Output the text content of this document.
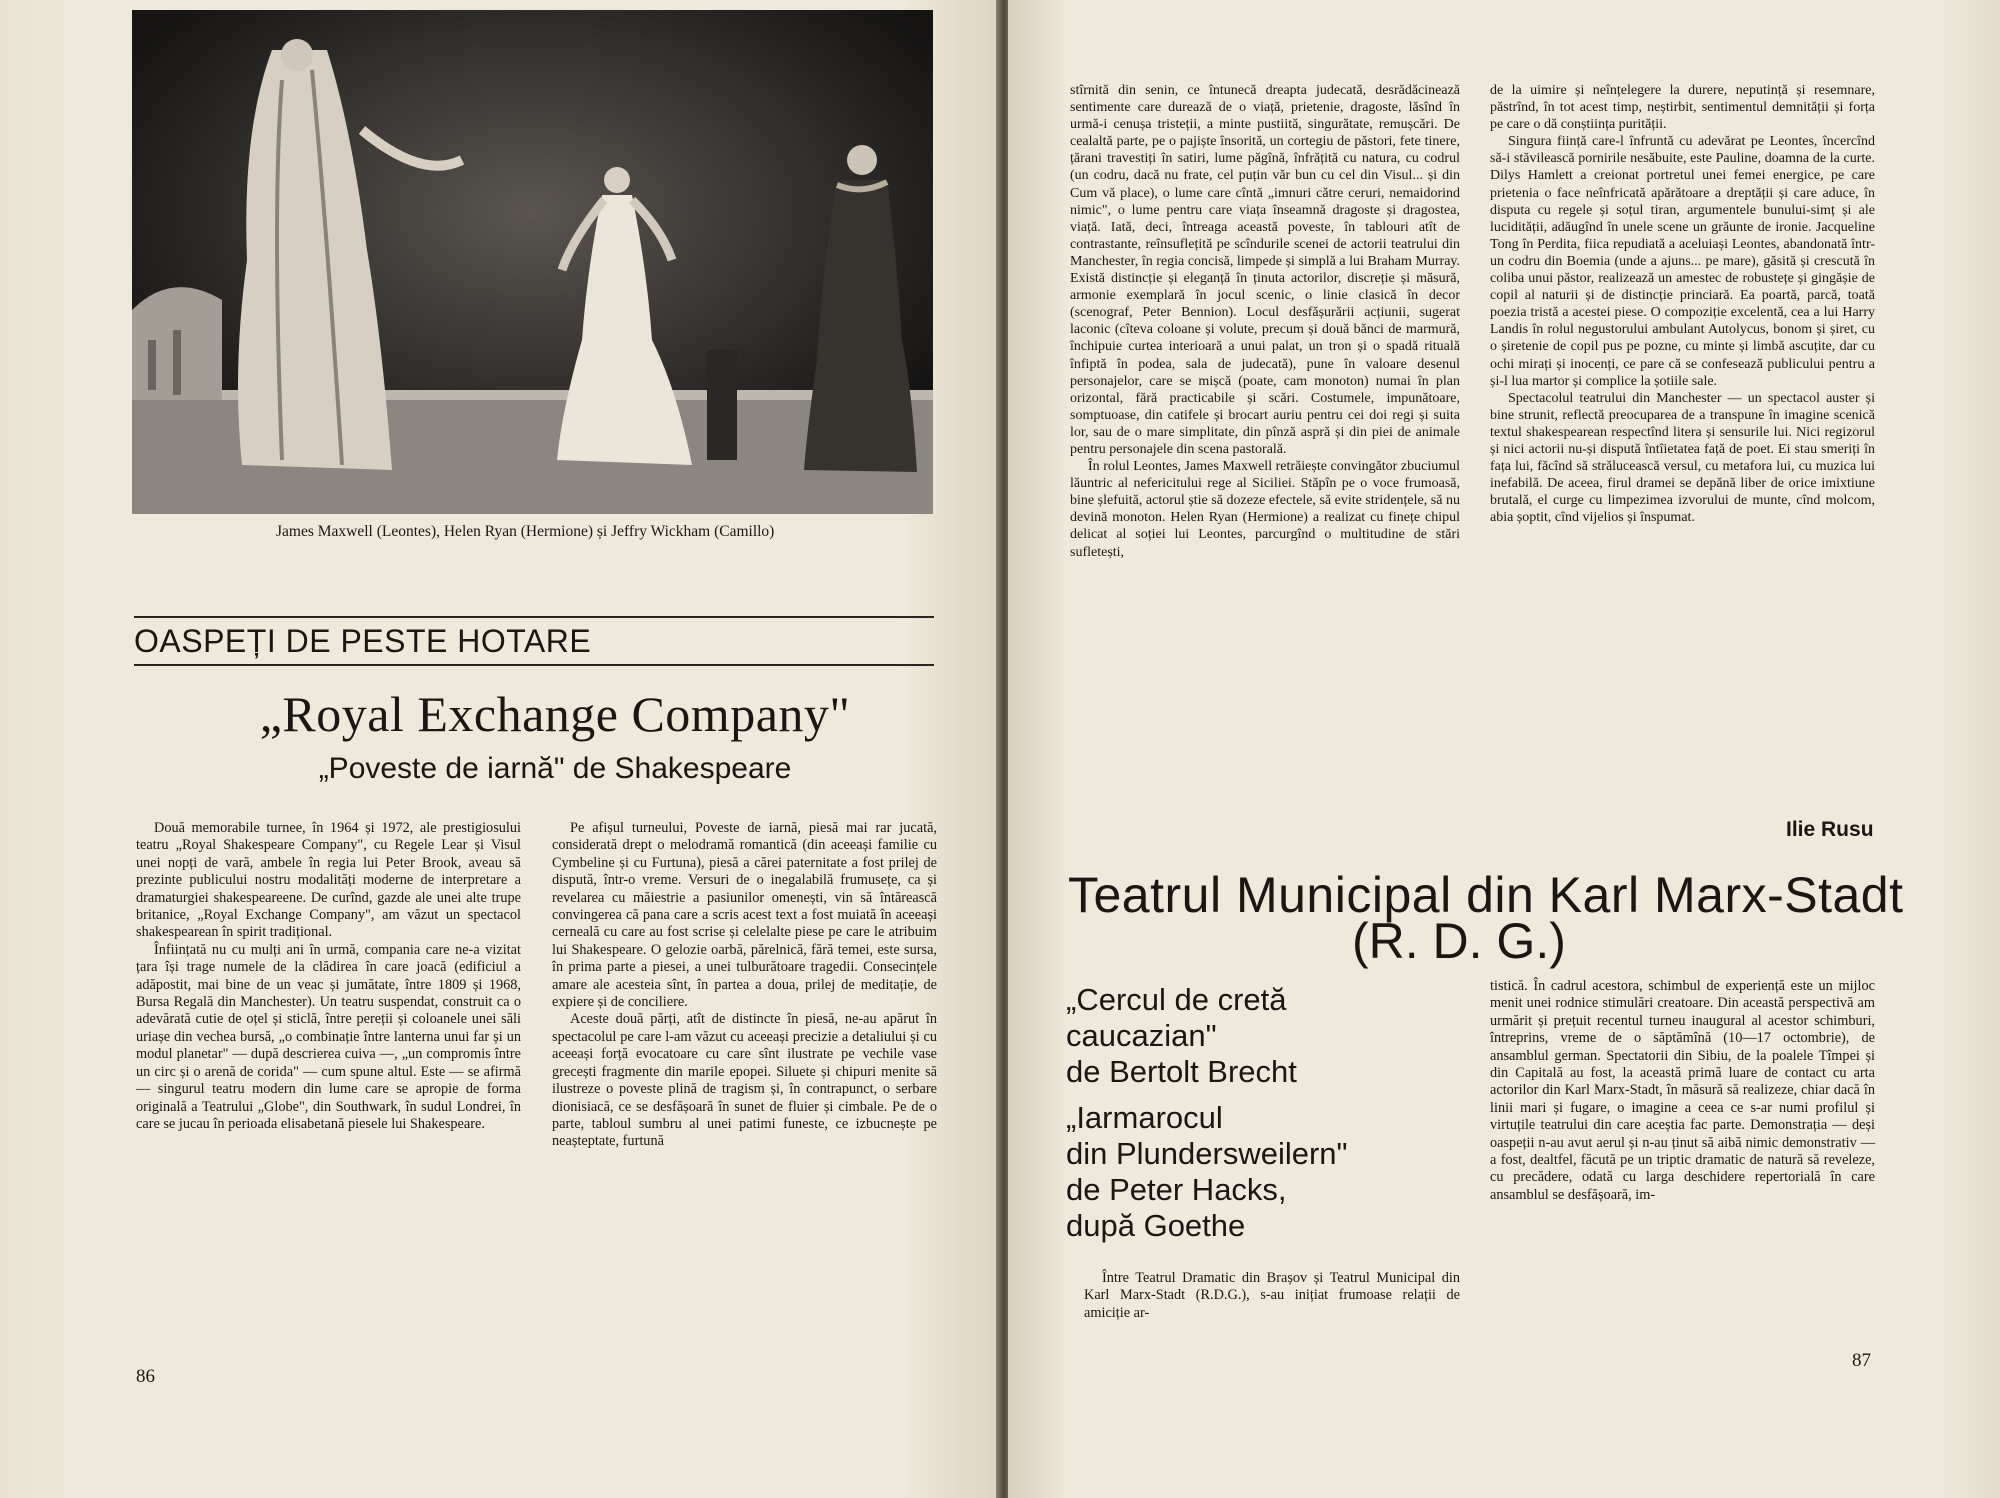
James Maxwell (Leontes), Helen Ryan (Hermione) și Jeffry Wickham (Camillo)
OASPEȚI DE PESTE HOTARE
„Royal Exchange Company"
„Poveste de iarnă" de Shakespeare

Două memorabile turnee, în 1964 și 1972, ale prestigiosului teatru „Royal Shakespeare Company", cu Regele Lear și Visul unei nopți de vară, ambele în regia lui Peter Brook, aveau să prezinte publicului nostru modalități moderne de interpretare a dramaturgiei shakespeareene. De curînd, gazde ale unei alte trupe britanice, „Royal Exchange Company", am văzut un spectacol shakespearean în spirit tradițional.

Înființată nu cu mulți ani în urmă, compania care ne-a vizitat țara își trage numele de la clădirea în care joacă (edificiul a adăpostit, mai bine de un veac și jumătate, între 1809 și 1968, Bursa Regală din Manchester). Un teatru suspendat, construit ca o adevărată cutie de oțel și sticlă, între pereții și coloanele unei săli uriașe din vechea bursă, „o combinație între lanterna unui far și un modul planetar" — după descrierea cuiva —, „un compromis între un circ și o arenă de corida" — cum spune altul. Este — se afirmă — singurul teatru modern din lume care se apropie de forma originală a Teatrului „Globe", din Southwark, în sudul Londrei, în care se jucau în perioada elisabetană piesele lui Shakespeare.

Pe afișul turneului, Poveste de iarnă, piesă mai rar jucată, considerată drept o melodramă romantică (din aceeași familie cu Cymbeline și cu Furtuna), piesă a cărei paternitate a fost prilej de dispută, într-o vreme. Versuri de o inegalabilă frumusețe, ca și revelarea cu măiestrie a pasiunilor omenești, vin să întărească convingerea că pana care a scris acest text a fost muiată în aceeași cerneală cu care au fost scrise și celelalte piese pe care le atribuim lui Shakespeare. O gelozie oarbă, părelnică, fără temei, este sursa, în prima parte a piesei, a unei tulburătoare tragedii. Consecințele amare ale acesteia sînt, în partea a doua, prilej de meditație, de expiere și de conciliere.

Aceste două părți, atît de distincte în piesă, ne-au apărut în spectacolul pe care l-am văzut cu aceeași precizie a detaliului și cu aceeași forță evocatoare cu care sînt ilustrate pe vechile vase grecești fragmente din marile epopei. Siluete și chipuri menite să ilustreze o poveste plină de tragism și, în contrapunct, o serbare dionisiacă, ce se desfășoară în sunet de fluier și cimbale. Pe de o parte, tabloul sumbru al unei patimi funeste, ce izbucnește pe neașteptate, furtună

86

stîrnită din senin, ce întunecă dreapta judecată, desrădăcinează sentimente care durează de o viață, prietenie, dragoste, lăsînd în urmă-i cenușa tristeții, a minte pustiită, singurătate, remușcări. De cealaltă parte, pe o pajiște însorită, un cortegiu de păstori, fete tinere, țărani travestiți în satiri, lume păgînă, înfrățită cu natura, cu codrul (un codru, dacă nu frate, cel puțin văr bun cu cel din Visul... și din Cum vă place), o lume care cîntă „imnuri către ceruri, nemaidorind nimic", o lume pentru care viața înseamnă dragoste și dragostea, viață. Iată, deci, întreaga această poveste, în tablouri atît de contrastante, reînsuflețită pe scîndurile scenei de actorii teatrului din Manchester, în regia concisă, limpede și simplă a lui Braham Murray. Există distincție și eleganță în ținuta actorilor, discreție și măsură, armonie exemplară în jocul scenic, o linie clasică în decor (scenograf, Peter Bennion). Locul desfășurării acțiunii, sugerat laconic (cîteva coloane și volute, precum și două bănci de marmură, închipuie curtea interioară a unui palat, un tron și o spadă rituală înfiptă în podea, sala de judecată), pune în valoare desenul personajelor, care se mișcă (poate, cam monoton) numai în plan orizontal, fără practicabile și scări. Costumele, impunătoare, somptuoase, din catifele și brocart auriu pentru cei doi regi și suita lor, sau de o mare simplitate, din pînză aspră și din piei de animale pentru personajele din scena pastorală.

În rolul Leontes, James Maxwell retrăiește convingător zbuciumul lăuntric al nefericitului rege al Siciliei. Stăpîn pe o voce frumoasă, bine șlefuită, actorul știe să dozeze efectele, să evite stridențele, să nu devină monoton. Helen Ryan (Hermione) a realizat cu finețe chipul delicat al soției lui Leontes, parcurgînd o multitudine de stări sufletești,

de la uimire și neînțelegere la durere, neputință și resemnare, păstrînd, în tot acest timp, neștirbit, sentimentul demnității și forța pe care o dă conștiința purității.

Singura ființă care-l înfruntă cu adevărat pe Leontes, încercînd să-i stăvilească pornirile nesăbuite, este Pauline, doamna de la curte. Dilys Hamlett a creionat portretul unei femei energice, pe care prietenia o face neînfricată apărătoare a dreptății și care aduce, în disputa cu regele și soțul tiran, argumentele bunului-simț și ale lucidității, adăugînd în unele scene un grăunte de ironie. Jacqueline Tong în Perdita, fiica repudiată a aceluiași Leontes, abandonată într-un codru din Boemia (unde a ajuns... pe mare), găsită și crescută în coliba unui păstor, realizează un amestec de robustețe și gingășie de copil al naturii și de distincție princiară. Ea poartă, parcă, toată poezia tristă a acestei piese. O compoziție excelentă, cea a lui Harry Landis în rolul negustorului ambulant Autolycus, bonom și șiret, cu o șiretenie de copil pus pe pozne, cu minte și limbă ascuțite, dar cu ochi mirați și inocenți, ce pare că se confesează publicului pentru a și-l lua martor și complice la șotiile sale.

Spectacolul teatrului din Manchester — un spectacol auster și bine strunit, reflectă preocuparea de a transpune în imagine scenică textul shakespearean respectînd litera și sensurile lui. Nici regizorul și nici actorii nu-și dispută întîietatea față de poet. Ei stau smeriți în fața lui, făcînd să strălucească versul, cu metafora lui, cu muzica lui inefabilă. De aceea, firul dramei se depănă liber de orice imixtiune brutală, el curge cu limpezimea izvorului de munte, cînd molcom, abia șoptit, cînd vijelios și înspumat.

Ilie Rusu
Teatrul Municipal din Karl Marx-Stadt
(R. D. G.)
„Cercul de cretă
caucazian"
de Bertolt Brecht
„Iarmarocul
din Plundersweilern"
de Peter Hacks,
după Goethe

Între Teatrul Dramatic din Brașov și Teatrul Municipal din Karl Marx-Stadt (R.D.G.), s-au inițiat frumoase relații de amiciție ar-

tistică. În cadrul acestora, schimbul de experiență este un mijloc menit unei rodnice stimulări creatoare. Din această perspectivă am urmărit și prețuit recentul turneu inaugural al acestor schimburi, întreprins, vreme de o săptămînă (10—17 octombrie), de ansamblul german. Spectatorii din Sibiu, de la poalele Tîmpei și din Capitală au fost, la această primă luare de contact cu arta actorilor din Karl Marx-Stadt, în măsură să realizeze, chiar dacă în linii mari și fugare, o imagine a ceea ce s-ar numi profilul și virtuțile teatrului din care aceștia fac parte. Demonstrația — deși oaspeții n-au avut aerul și n-au ținut să aibă nimic demonstrativ — a fost, dealtfel, făcută pe un triptic dramatic de natură să reveleze, cu precădere, odată cu larga deschidere repertorială în care ansamblul se desfășoară, im-

87
